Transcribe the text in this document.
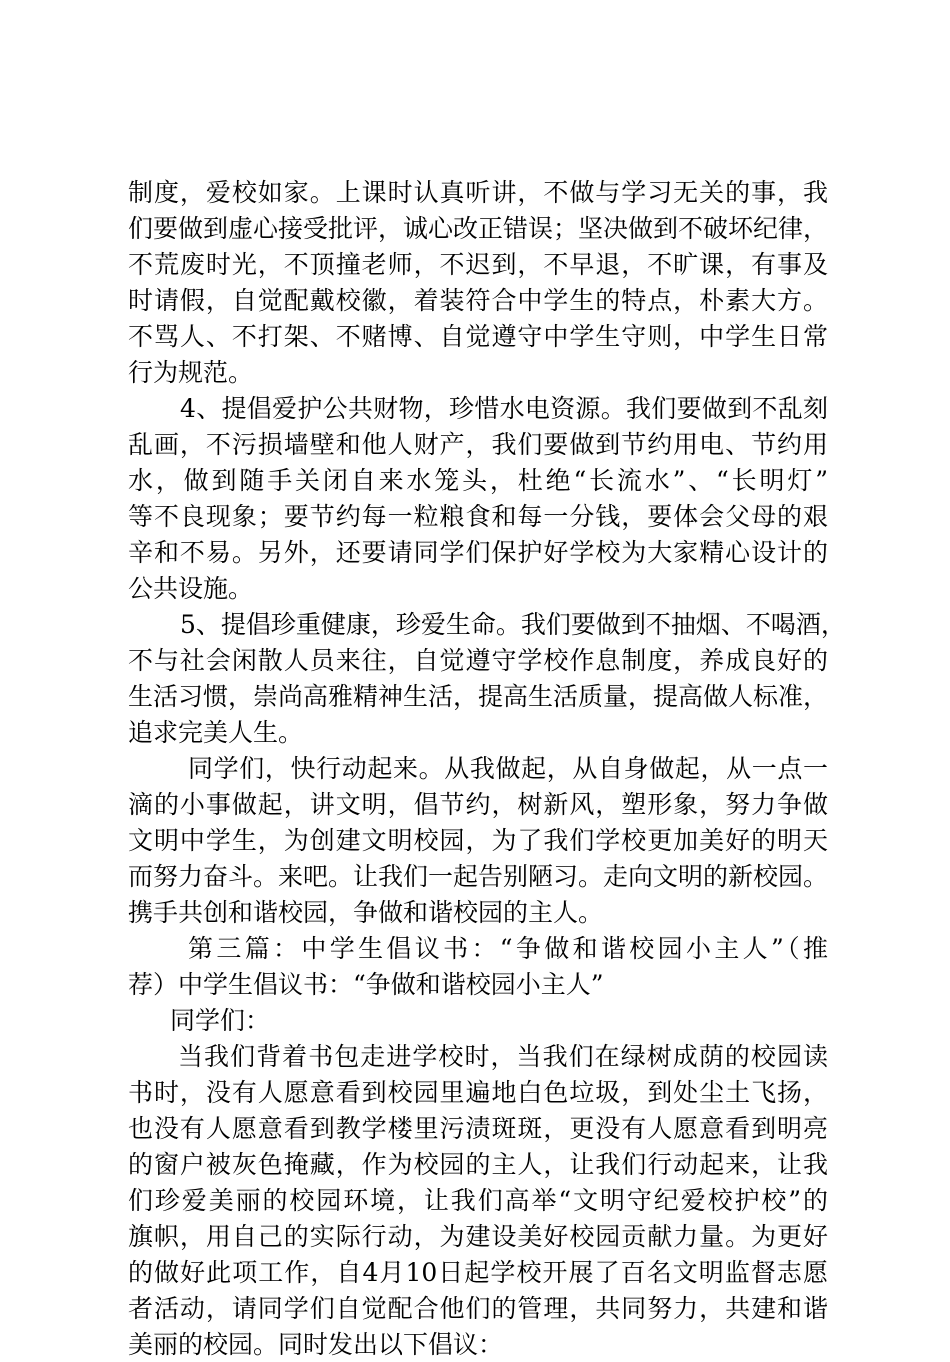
制度，爱校如家。上课时认真听讲，不做与学习无关的事，我
们要做到虚心接受批评，诚心改正错误；坚决做到不破坏纪律，
不荒废时光，不顶撞老师，不迟到，不早退，不旷课，有事及
时请假，自觉配戴校徽，着装符合中学生的特点，朴素大方。
不骂人、不打架、不赌博、自觉遵守中学生守则，中学生日常
行为规范。
4、提倡爱护公共财物，珍惜水电资源。我们要做到不乱刻
乱画，不污损墙壁和他人财产，我们要做到节约用电、节约用
水，做到随手关闭自来水笼头，杜绝“长流水”、“长明灯”
等不良现象；要节约每一粒粮食和每一分钱，要体会父母的艰
辛和不易。另外，还要请同学们保护好学校为大家精心设计的
公共设施。
5、提倡珍重健康，珍爱生命。我们要做到不抽烟、不喝酒，
不与社会闲散人员来往，自觉遵守学校作息制度，养成良好的
生活习惯，崇尚高雅精神生活，提高生活质量，提高做人标准，
追求完美人生。
同学们，快行动起来。从我做起，从自身做起，从一点一
滴的小事做起，讲文明，倡节约，树新风，塑形象，努力争做
文明中学生，为创建文明校园，为了我们学校更加美好的明天
而努力奋斗。来吧。让我们一起告别陋习。走向文明的新校园。
携手共创和谐校园，争做和谐校园的主人。
第三篇：中学生倡议书：“争做和谐校园小主人”（推
荐）中学生倡议书：“争做和谐校园小主人”
同学们：
当我们背着书包走进学校时，当我们在绿树成荫的校园读
书时，没有人愿意看到校园里遍地白色垃圾，到处尘土飞扬，
也没有人愿意看到教学楼里污渍斑斑，更没有人愿意看到明亮
的窗户被灰色掩藏，作为校园的主人，让我们行动起来，让我
们珍爱美丽的校园环境，让我们高举“文明守纪爱校护校”的
旗帜，用自己的实际行动，为建设美好校园贡献力量。为更好
的做好此项工作，自4月10日起学校开展了百名文明监督志愿
者活动，请同学们自觉配合他们的管理，共同努力，共建和谐
美丽的校园。同时发出以下倡议：
